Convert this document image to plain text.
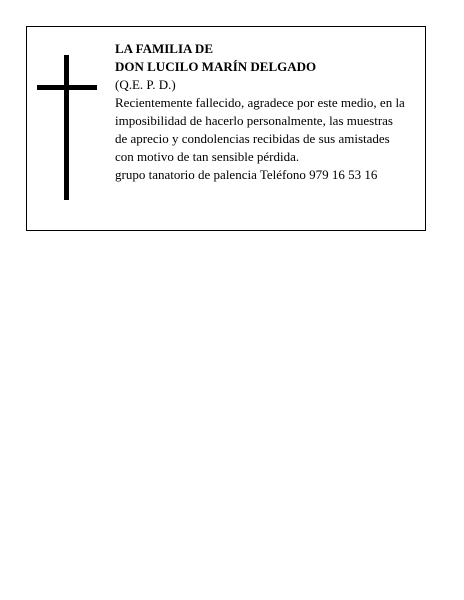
LA FAMILIA DE
DON LUCILO MARÍN DELGADO
(Q.E. P. D.)
Recientemente fallecido, agradece por este medio, en la
imposibilidad de hacerlo personalmente, las muestras
de aprecio y condolencias recibidas de sus amistades
con motivo de tan sensible pérdida.
grupo tanatorio de palencia Teléfono 979 16 53 16
